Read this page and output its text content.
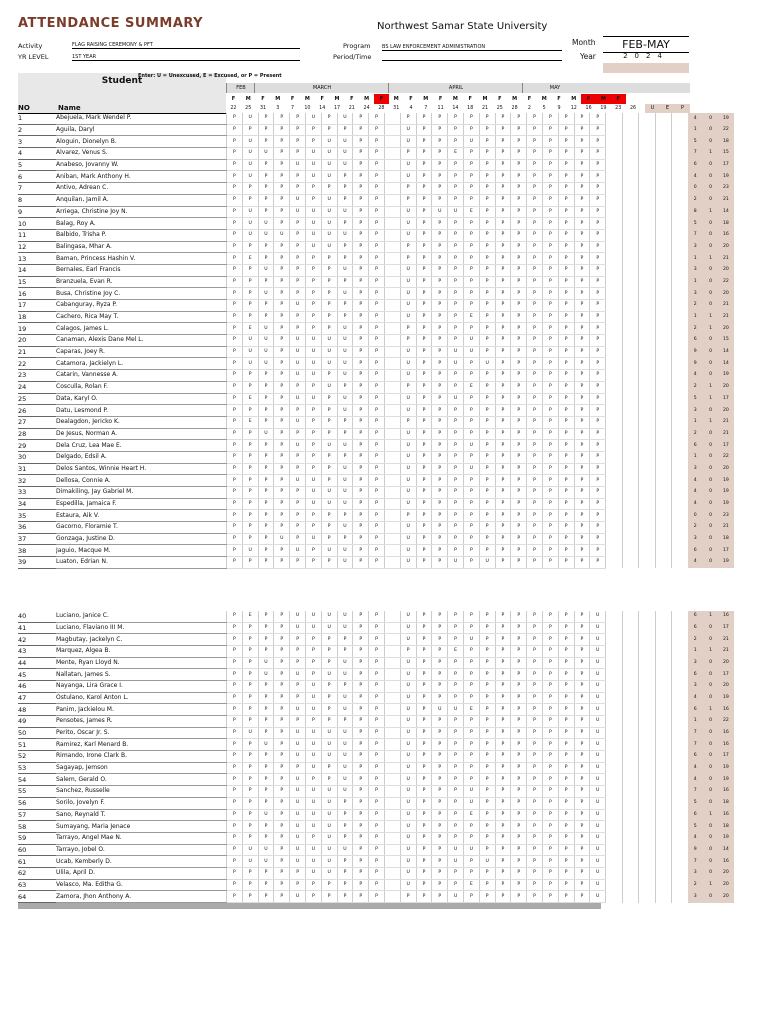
ATTENDANCE SUMMARY	Northwest Samar State University
Activity	FLAG RAISING CEREMONY & PFT
YR LEVEL	1ST YEAR
Program BS LAW ENFORCEMENT ADMINISTRATION
Period/Time
Month	FEB-MAY
Year	2024
Student
NO	Name
Enter: U = Unexcused, E = Excused, or P = Present
FEB	MARCH	APRIL	MAY
F	M	F	M	F	M	F	M	F	M	F	M	F	M	F	M	F	M	F	M	F	M	F	M	F	M	F
22	25	31	3	7	10	14	17	21	24	28	31	4	7	11	14	18	21	25	28	2	5	9	12	16	19	23	26	U	E	P
1	Abejuela, Mark Wendel P.	P	U	P	P	P	U	P	U	P	P		P	P	P	P	P	P	P	P	P	P	P	P	P						4	0	19
2	Aguila, Daryl	P	P	P	P	P	P	P	P	P	P		U	P	P	P	P	P	P	P	P	P	P	P	P						1	0	22
3	Aloguin, Dionelyn B.	P	U	P	P	P	P	U	U	P	P		U	P	P	P	U	P	P	P	P	P	P	P	P						5	0	18
4	Alvarez, Venus S.	P	U	U	P	P	U	U	U	P	P		P	P	P	E	P	P	P	P	P	P	P	P	P						7	1	15
5	Anabeso, Jovanny W.	P	U	P	P	U	U	U	U	P	P		U	P	P	P	P	P	P	P	P	P	P	P	P						6	0	17
6	Aniban, Mark Anthony H.	P	U	P	P	P	U	U	P	P	P		U	P	P	P	P	P	P	P	P	P	P	P	P						4	0	19
7	Antivo, Adrean C.	P	P	P	P	P	P	P	P	P	P		P	P	P	P	P	P	P	P	P	P	P	P	P						0	0	23
8	Anquilan, Jamil A.	P	P	P	P	U	P	U	P	P	P		P	P	P	P	P	P	P	P	P	P	P	P	P						2	0	21
9	Arriega, Christine Joy N.	P	U	P	P	U	U	U	U	P	P		U	P	U	U	E	P	P	P	P	P	P	P	P						8	1	14
10	Balag, Roy A.	P	U	U	P	P	U	U	P	P	P		U	P	P	P	P	P	P	P	P	P	P	P	P						5	0	18
11	Balbido, Trisha P.	P	U	U	U	P	U	U	U	P	P		U	P	P	P	P	P	P	P	P	P	P	P	P						7	0	16
12	Balingasa, Mhar A.	P	P	P	P	P	U	U	P	P	P		P	P	P	P	P	P	P	P	P	P	P	P	P						3	0	20
13	Baman, Princess Hashin V.	P	E	P	P	P	P	P	P	P	P		P	P	P	P	P	P	P	P	P	P	P	P	P						1	1	21
14	Bernales, Earl Francis	P	P	U	P	P	P	P	U	P	P		U	P	P	P	P	P	P	P	P	P	P	P	P						3	0	20
15	Branzuela, Evan R.	P	P	P	P	P	P	P	P	P	P		U	P	P	P	P	P	P	P	P	P	P	P	P						1	0	22
16	Busa, Christine Joy C.	P	P	U	P	P	P	P	U	P	P		U	P	P	P	P	P	P	P	P	P	P	P	P						3	0	20
17	Cabanguray, Ryza P.	P	P	P	P	U	P	P	P	P	P		U	P	P	P	P	P	P	P	P	P	P	P	P						2	0	21
18	Cachero, Rica May T.	P	P	P	P	P	P	P	P	P	P		U	P	P	P	E	P	P	P	P	P	P	P	P						1	1	21
19	Calagos, James L.	P	E	U	P	P	P	P	U	P	P		P	P	P	P	P	P	P	P	P	P	P	P	P						2	1	20
20	Canaman, Alexis Dane Mel L.	P	U	U	P	U	U	U	U	P	P		P	P	P	P	U	P	P	P	P	P	P	P	P						6	0	15
21	Caparas, Joey R.	P	U	U	P	U	U	U	U	P	P		U	P	P	U	U	P	P	P	P	P	P	P	P						9	0	14
22	Catamora, Jackielyn L.	P	U	U	P	U	U	U	U	P	P		U	P	P	U	P	U	P	P	P	P	P	P	P						9	0	14
23	Catarin, Vannesse A.	P	P	P	P	U	U	P	U	P	P		U	P	P	P	P	P	P	P	P	P	P	P	P						4	0	19
24	Cosculla, Rolan F.	P	P	P	P	P	P	U	P	P	P		P	P	P	P	E	P	P	P	P	P	P	P	P						2	1	20
25	Data, Karyl O.	P	E	P	P	U	U	P	U	P	P		U	P	P	U	P	P	P	P	P	P	P	P	P						5	1	17
26	Datu, Lesmond P.	P	P	P	P	P	P	P	U	P	P		U	P	P	P	P	P	P	P	P	P	P	P	P						3	0	20
27	Dealagdon, Jericko K.	P	E	P	P	U	P	P	P	P	P		P	P	P	P	P	P	P	P	P	P	P	P	P						1	1	21
28	De Jesus, Norman A.	P	P	U	P	P	P	P	P	P	P		U	P	P	P	P	P	P	P	P	P	P	P	P						2	0	21
29	Dela Cruz, Lea Mae E.	P	P	P	P	U	P	U	U	P	P		U	P	P	P	U	P	P	P	P	P	P	P	P						6	0	17
30	Delgado, Edsil A.	P	P	P	P	P	P	P	P	P	P		U	P	P	P	P	P	P	P	P	P	P	P	P						1	0	22
31	Delos Santos, Winnie Heart H.	P	P	P	P	P	P	P	U	P	P		U	P	P	P	U	P	P	P	P	P	P	P	P						3	0	20
32	Dellosa, Connie A.	P	P	P	P	U	U	P	U	P	P		U	P	P	P	P	P	P	P	P	P	P	P	P						4	0	19
33	Dimakiling, Jay Gabriel M.	P	P	P	P	P	U	U	U	P	P		U	P	P	P	P	P	P	P	P	P	P	P	P						4	0	19
34	Espedilla, Jamaica F.	P	P	P	P	P	U	U	U	P	P		U	P	P	P	P	P	P	P	P	P	P	P	P						4	0	19
35	Estaura, Aik V.	P	P	P	P	P	P	P	P	P	P		P	P	P	P	P	P	P	P	P	P	P	P	P						0	0	23
36	Gacorno, Floramie T.	P	P	P	P	P	P	P	U	P	P		U	P	P	P	P	P	P	P	P	P	P	P	P						2	0	21
37	Gonzaga, Justine D.	P	P	P	U	P	U	P	P	P	P		U	P	P	P	P	P	P	P	P	P	P	P	P						3	0	18
38	Jaguio, Macque M.	P	U	P	P	U	P	U	U	P	P		U	P	P	P	P	P	P	P	P	P	P	P	P						6	0	17
39	Luaton, Edrian N.	P	P	P	P	P	P	P	U	P	P		U	P	P	U	P	U	P	P	P	P	P	P	P						4	0	19
40	Luciano, Janice C.	P	E	P	P	U	U	U	U	P	P		U	P	P	P	P	P	P	P	P	P	P	P	U						6	1	16
41	Luciano, Flaviano III M.	P	P	P	P	U	U	U	U	P	P		U	P	P	P	P	P	P	P	P	P	P	P	U						6	0	17
42	Magbutay, Jackelyn C.	P	P	P	P	P	P	P	P	P	P		U	P	P	P	U	P	P	P	P	P	P	P	U						2	0	21
43	Marquez, Algea B.	P	P	P	P	P	P	P	P	P	P		P	P	P	E	P	P	P	P	P	P	P	P	U						1	1	21
44	Mente, Ryan Lloyd N.	P	P	U	P	P	P	P	U	P	P		U	P	P	P	P	P	P	P	P	P	P	P	U						3	0	20
45	Nallatan, James S.	P	P	U	P	U	P	U	U	P	P		U	P	P	P	P	P	P	P	P	P	P	P	U						6	0	17
46	Nayanga, Lira Grace I.	P	P	P	P	P	U	P	P	P	P		U	P	P	P	P	P	P	P	P	P	P	P	U						3	0	20
47	Ostulano, Karol Anton L.	P	P	P	P	P	U	P	U	P	P		U	P	P	P	P	P	P	P	P	P	P	P	U						4	0	19
48	Panim, Jackielou M.	P	P	P	P	U	U	P	U	P	P		U	P	U	U	E	P	P	P	P	P	P	P	U						6	1	16
49	Pensotes, James R.	P	P	P	P	P	P	P	P	P	P		U	P	P	P	P	P	P	P	P	P	P	P	U						1	0	22
50	Perito, Oscar Jr. S.	P	U	P	P	U	U	U	U	P	P		U	P	P	P	P	P	P	P	P	P	P	P	U						7	0	16
51	Ramirez, Karl Menard B.	P	P	U	P	U	U	U	U	P	P		U	P	P	P	P	P	P	P	P	P	P	P	U						7	0	16
52	Rimando, Irone Clark B.	P	P	P	P	U	U	U	U	P	P		U	P	P	P	P	P	P	P	P	P	P	P	U						6	0	17
53	Sagayap, Jemson	P	P	P	P	P	U	P	U	P	P		U	P	P	P	P	P	P	P	P	P	P	P	U						4	0	19
54	Salem, Gerald O.	P	P	P	P	U	P	P	U	P	P		U	P	P	P	P	P	P	P	P	P	P	P	U						4	0	19
55	Sanchez, Russelle	P	P	P	P	U	U	U	U	P	P		U	P	P	P	U	P	P	P	P	P	P	P	U						7	0	16
56	Sorilo, Jovelyn F.	P	P	P	P	U	U	U	P	P	P		U	P	P	P	U	P	P	P	P	P	P	P	U						5	0	18
57	Sano, Reynald T.	P	P	U	P	U	U	U	P	P	P		U	P	P	P	E	P	P	P	P	P	P	P	U						6	1	16
58	Sumayang, Maria Jenace	P	P	P	P	U	U	U	P	P	P		U	P	P	P	P	P	P	P	P	P	P	P	U						5	0	18
59	Tarrayo, Angel Mae N.	P	P	P	P	U	P	U	P	P	P		U	P	P	P	P	P	P	P	P	P	P	P	U						4	0	19
60	Tarrayo, Jobel O.	P	U	U	P	U	U	U	U	P	P		U	P	P	U	U	P	P	P	P	P	P	P	U						9	0	14
61	Ucab, Kemberly D.	P	U	U	P	U	U	U	P	P	P		U	P	P	U	P	U	P	P	P	P	P	P	U						7	0	16
62	Ulila, April D.	P	P	P	P	P	U	U	P	P	P		U	P	P	P	P	P	P	P	P	P	P	P	U						3	0	20
63	Velasco, Ma. Editha G.	P	P	P	P	P	P	P	P	P	P		U	P	P	P	E	P	P	P	P	P	P	P	U						2	1	20
64	Zamora, Jhon Anthony A.	P	P	P	P	U	P	P	P	P	P		P	P	P	U	P	P	P	P	P	P	P	P	U						3	0	20
